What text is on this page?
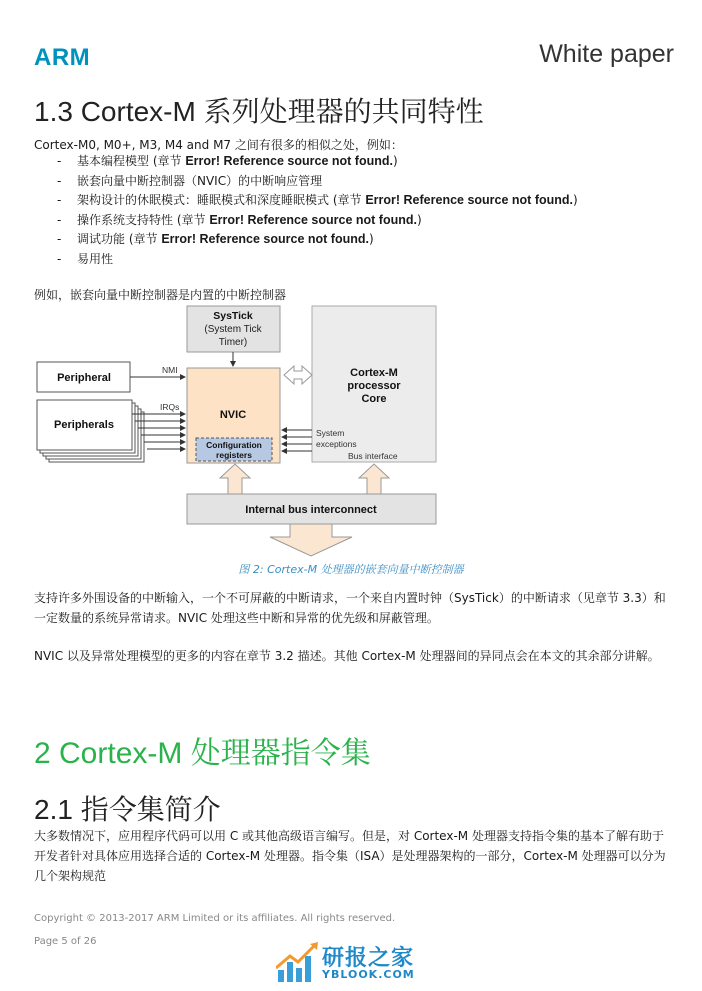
ARM	White paper
1.3 Cortex-M 系列处理器的共同特性
Cortex-M0, M0+, M3, M4 and M7 之间有很多的相似之处，例如：
- 基本编程模型 (章节 Error! Reference source not found.)
- 嵌套向量中断控制器（NVIC）的中断响应管理
- 架构设计的休眠模式：睡眠模式和深度睡眠模式 (章节 Error! Reference source not found.)
- 操作系统支持特性 (章节 Error! Reference source not found.)
- 调试功能 (章节 Error! Reference source not found.)
- 易用性
例如，嵌套向量中断控制器是内置的中断控制器
Cortex-M
processor
Core
System
exceptions
Bus interface
SysTick
(System Tick
Timer)
NVIC
Configuration
registers
Peripheral
NMI
Peripherals
IRQs
Internal bus interconnect
图 2: Cortex-M 处理器的嵌套向量中断控制器
支持许多外围设备的中断输入，一个不可屏蔽的中断请求，一个来自内置时钟（SysTick）的中断请求（见章节 3.3）和一定数量的系统异常请求。NVIC 处理这些中断和异常的优先级和屏蔽管理。
NVIC 以及异常处理模型的更多的内容在章节 3.2 描述。其他 Cortex-M 处理器间的异同点会在本文的其余部分讲解。
2 Cortex-M 处理器指令集
2.1 指令集简介
大多数情况下，应用程序代码可以用 C 或其他高级语言编写。但是，对 Cortex-M 处理器支持指令集的基本了解有助于开发者针对具体应用选择合适的 Cortex-M 处理器。指令集（ISA）是处理器架构的一部分，Cortex-M 处理器可以分为几个架构规范
Copyright © 2013-2017 ARM Limited or its affiliates. All rights reserved.
Page 5 of 26
研报之家
YBLOOK.COM
